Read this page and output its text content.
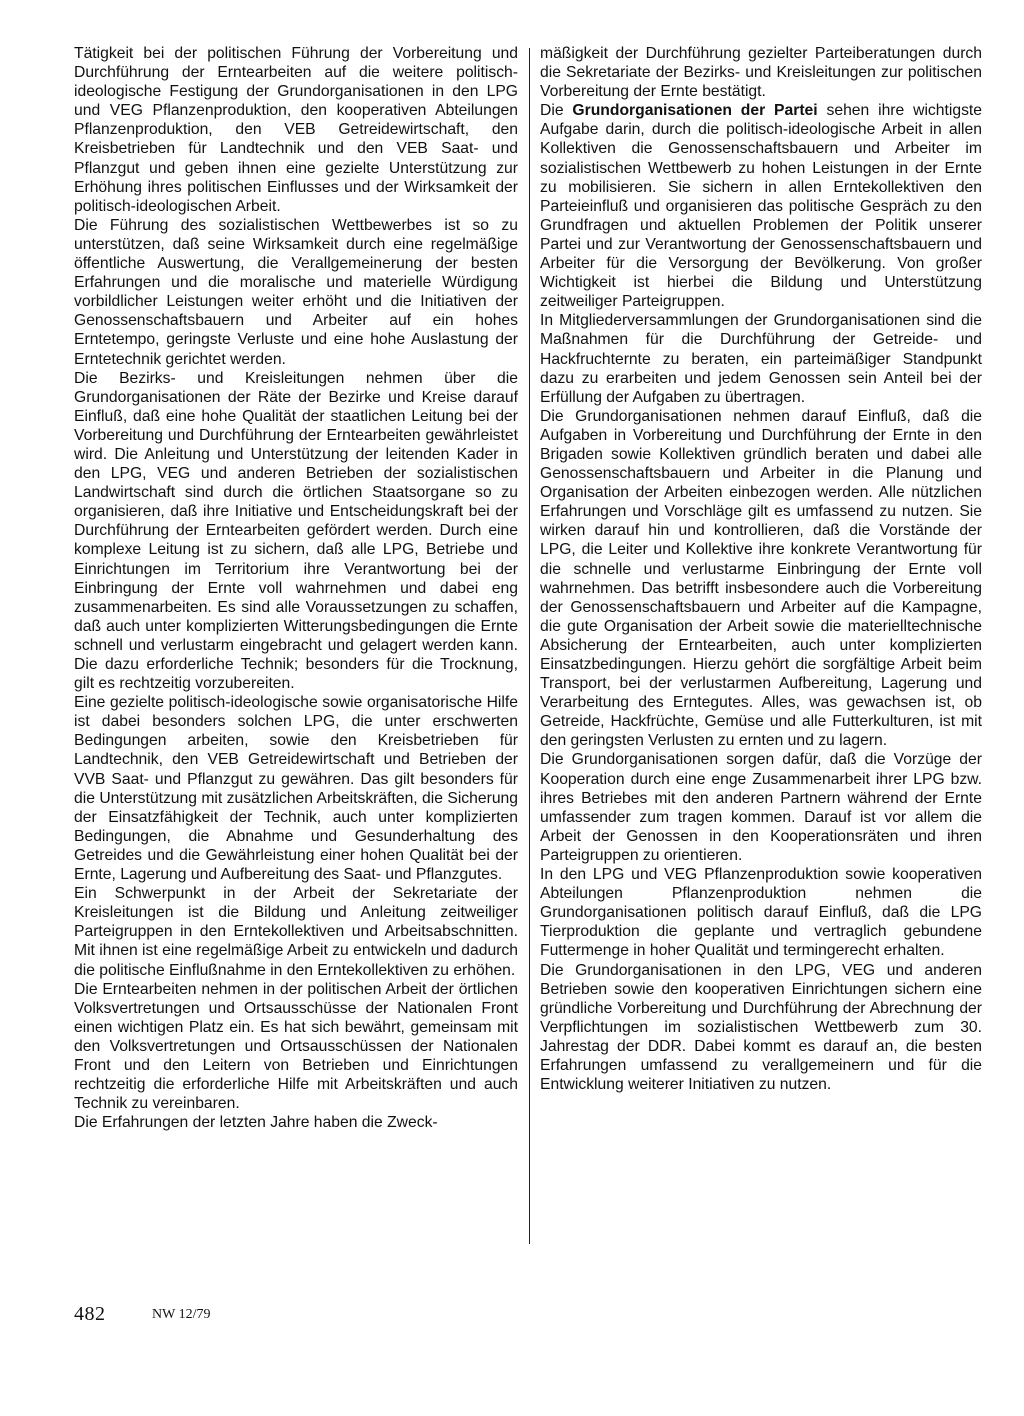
Tätigkeit bei der politischen Führung der Vorbereitung und Durchführung der Erntearbeiten auf die weitere politisch-ideologische Festigung der Grundorganisationen in den LPG und VEG Pflanzenproduktion, den kooperativen Abteilungen Pflanzenproduktion, den VEB Getreidewirtschaft, den Kreisbetrieben für Landtechnik und den VEB Saat- und Pflanzgut und geben ihnen eine gezielte Unterstützung zur Erhöhung ihres politischen Einflusses und der Wirksamkeit der politisch-ideologischen Arbeit.

Die Führung des sozialistischen Wettbewerbes ist so zu unterstützen, daß seine Wirksamkeit durch eine regelmäßige öffentliche Auswertung, die Verallgemeinerung der besten Erfahrungen und die moralische und materielle Würdigung vorbildlicher Leistungen weiter erhöht und die Initiativen der Genossenschaftsbauern und Arbeiter auf ein hohes Erntetempo, geringste Verluste und eine hohe Auslastung der Erntetechnik gerichtet werden.

Die Bezirks- und Kreisleitungen nehmen über die Grundorganisationen der Räte der Bezirke und Kreise darauf Einfluß, daß eine hohe Qualität der staatlichen Leitung bei der Vorbereitung und Durchführung der Erntearbeiten gewährleistet wird. Die Anleitung und Unterstützung der leitenden Kader in den LPG, VEG und anderen Betrieben der sozialistischen Landwirtschaft sind durch die örtlichen Staatsorgane so zu organisieren, daß ihre Initiative und Entscheidungskraft bei der Durchführung der Erntearbeiten gefördert werden. Durch eine komplexe Leitung ist zu sichern, daß alle LPG, Betriebe und Einrichtungen im Territorium ihre Verantwortung bei der Einbringung der Ernte voll wahrnehmen und dabei eng zusammenarbeiten. Es sind alle Voraussetzungen zu schaffen, daß auch unter komplizierten Witterungsbedingungen die Ernte schnell und verlustarm eingebracht und gelagert werden kann. Die dazu erforderliche Technik; besonders für die Trocknung, gilt es rechtzeitig vorzubereiten.

Eine gezielte politisch-ideologische sowie organisatorische Hilfe ist dabei besonders solchen LPG, die unter erschwerten Bedingungen arbeiten, sowie den Kreisbetrieben für Landtechnik, den VEB Getreidewirtschaft und Betrieben der VVB Saat- und Pflanzgut zu gewähren. Das gilt besonders für die Unterstützung mit zusätzlichen Arbeitskräften, die Sicherung der Einsatzfähigkeit der Technik, auch unter komplizierten Bedingungen, die Abnahme und Gesunderhaltung des Getreides und die Gewährleistung einer hohen Qualität bei der Ernte, Lagerung und Aufbereitung des Saat- und Pflanzgutes.

Ein Schwerpunkt in der Arbeit der Sekretariate der Kreisleitungen ist die Bildung und Anleitung zeitweiliger Parteigruppen in den Erntekollektiven und Arbeitsabschnitten. Mit ihnen ist eine regelmäßige Arbeit zu entwickeln und dadurch die politische Einflußnahme in den Erntekollektiven zu erhöhen.

Die Erntearbeiten nehmen in der politischen Arbeit der örtlichen Volksvertretungen und Ortsausschüsse der Nationalen Front einen wichtigen Platz ein. Es hat sich bewährt, gemeinsam mit den Volksvertretungen und Ortsausschüssen der Nationalen Front und den Leitern von Betrieben und Einrichtungen rechtzeitig die erforderliche Hilfe mit Arbeitskräften und auch Technik zu vereinbaren.

Die Erfahrungen der letzten Jahre haben die Zweck-

mäßigkeit der Durchführung gezielter Parteiberatungen durch die Sekretariate der Bezirks- und Kreisleitungen zur politischen Vorbereitung der Ernte bestätigt.

Die Grundorganisationen der Partei sehen ihre wichtigste Aufgabe darin, durch die politisch-ideologische Arbeit in allen Kollektiven die Genossenschaftsbauern und Arbeiter im sozialistischen Wettbewerb zu hohen Leistungen in der Ernte zu mobilisieren. Sie sichern in allen Erntekollektiven den Parteieinfluß und organisieren das politische Gespräch zu den Grundfragen und aktuellen Problemen der Politik unserer Partei und zur Verantwortung der Genossenschaftsbauern und Arbeiter für die Versorgung der Bevölkerung. Von großer Wichtigkeit ist hierbei die Bildung und Unterstützung zeitweiliger Parteigruppen.

In Mitgliederversammlungen der Grundorganisationen sind die Maßnahmen für die Durchführung der Getreide- und Hackfruchternte zu beraten, ein parteimäßiger Standpunkt dazu zu erarbeiten und jedem Genossen sein Anteil bei der Erfüllung der Aufgaben zu übertragen.

Die Grundorganisationen nehmen darauf Einfluß, daß die Aufgaben in Vorbereitung und Durchführung der Ernte in den Brigaden sowie Kollektiven gründlich beraten und dabei alle Genossenschaftsbauern und Arbeiter in die Planung und Organisation der Arbeiten einbezogen werden. Alle nützlichen Erfahrungen und Vorschläge gilt es umfassend zu nutzen. Sie wirken darauf hin und kontrollieren, daß die Vorstände der LPG, die Leiter und Kollektive ihre konkrete Verantwortung für die schnelle und verlustarme Einbringung der Ernte voll wahrnehmen. Das betrifft insbesondere auch die Vorbereitung der Genossenschaftsbauern und Arbeiter auf die Kampagne, die gute Organisation der Arbeit sowie die materielltechnische Absicherung der Erntearbeiten, auch unter komplizierten Einsatzbedingungen. Hierzu gehört die sorgfältige Arbeit beim Transport, bei der verlustarmen Aufbereitung, Lagerung und Verarbeitung des Erntegutes. Alles, was gewachsen ist, ob Getreide, Hackfrüchte, Gemüse und alle Futterkulturen, ist mit den geringsten Verlusten zu ernten und zu lagern.

Die Grundorganisationen sorgen dafür, daß die Vorzüge der Kooperation durch eine enge Zusammenarbeit ihrer LPG bzw. ihres Betriebes mit den anderen Partnern während der Ernte umfassender zum tragen kommen. Darauf ist vor allem die Arbeit der Genossen in den Kooperationsräten und ihren Parteigruppen zu orientieren.

In den LPG und VEG Pflanzenproduktion sowie kooperativen Abteilungen Pflanzenproduktion nehmen die Grundorganisationen politisch darauf Einfluß, daß die LPG Tierproduktion die geplante und vertraglich gebundene Futtermenge in hoher Qualität und termingerecht erhalten.

Die Grundorganisationen in den LPG, VEG und anderen Betrieben sowie den kooperativen Einrichtungen sichern eine gründliche Vorbereitung und Durchführung der Abrechnung der Verpflichtungen im sozialistischen Wettbewerb zum 30. Jahrestag der DDR. Dabei kommt es darauf an, die besten Erfahrungen umfassend zu verallgemeinern und für die Entwicklung weiterer Initiativen zu nutzen.

482	NW 12/79
